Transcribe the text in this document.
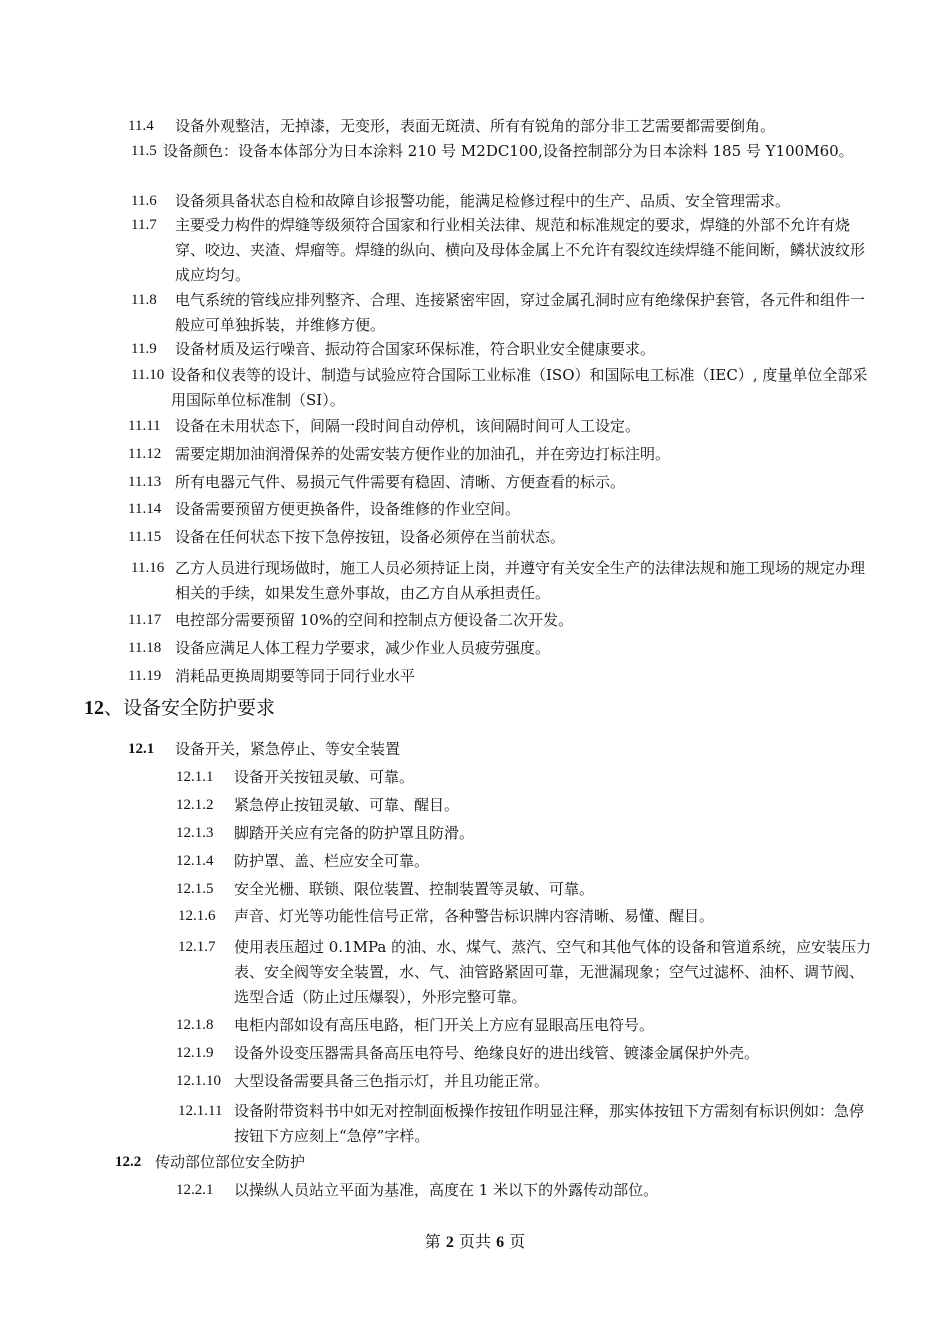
11.4 设备外观整洁，无掉漆，无变形，表面无斑渍、所有有锐角的部分非工艺需要都需要倒角。
11.5 设备颜色：设备本体部分为日本涂料 210 号 M2DC100,设备控制部分为日本涂料 185 号 Y100M60。
11.6 设备须具备状态自检和故障自诊报警功能，能满足检修过程中的生产、品质、安全管理需求。
11.7 主要受力构件的焊缝等级须符合国家和行业相关法律、规范和标准规定的要求，焊缝的外部不允许有烧穿、咬边、夹渣、焊瘤等。焊缝的纵向、横向及母体金属上不允许有裂纹连续焊缝不能间断，鳞状波纹形成应均匀。
11.8 电气系统的管线应排列整齐、合理、连接紧密牢固，穿过金属孔洞时应有绝缘保护套管，各元件和组件一般应可单独拆装，并维修方便。
11.9 设备材质及运行噪音、振动符合国家环保标准，符合职业安全健康要求。
11.10 设备和仪表等的设计、制造与试验应符合国际工业标准（ISO）和国际电工标准（IEC）, 度量单位全部采用国际单位标准制（SI）。
11.11 设备在未用状态下，间隔一段时间自动停机，该间隔时间可人工设定。
11.12 需要定期加油润滑保养的处需安装方便作业的加油孔，并在旁边打标注明。
11.13 所有电器元气件、易损元气件需要有稳固、清晰、方便查看的标示。
11.14 设备需要预留方便更换备件，设备维修的作业空间。
11.15 设备在任何状态下按下急停按钮，设备必须停在当前状态。
11.16 乙方人员进行现场做时，施工人员必须持证上岗，并遵守有关安全生产的法律法规和施工现场的规定办理相关的手续，如果发生意外事故，由乙方自从承担责任。
11.17 电控部分需要预留 10%的空间和控制点方便设备二次开发。
11.18 设备应满足人体工程力学要求，减少作业人员疲劳强度。
11.19 消耗品更换周期要等同于同行业水平
12、设备安全防护要求
12.1 设备开关，紧急停止、等安全装置
12.1.1 设备开关按钮灵敏、可靠。
12.1.2 紧急停止按钮灵敏、可靠、醒目。
12.1.3 脚踏开关应有完备的防护罩且防滑。
12.1.4 防护罩、盖、栏应安全可靠。
12.1.5 安全光栅、联锁、限位装置、控制装置等灵敏、可靠。
12.1.6 声音、灯光等功能性信号正常，各种警告标识牌内容清晰、易懂、醒目。
12.1.7 使用表压超过 0.1MPa 的油、水、煤气、蒸汽、空气和其他气体的设备和管道系统，应安装压力表、安全阀等安全装置，水、气、油管路紧固可靠，无泄漏现象；空气过滤杯、油杯、调节阀、选型合适（防止过压爆裂），外形完整可靠。
12.1.8 电柜内部如设有高压电路，柜门开关上方应有显眼高压电符号。
12.1.9 设备外设变压器需具备高压电符号、绝缘良好的进出线管、镀漆金属保护外壳。
12.1.10 大型设备需要具备三色指示灯，并且功能正常。
12.1.11 设备附带资料书中如无对控制面板操作按钮作明显注释，那实体按钮下方需刻有标识例如：急停按钮下方应刻上“急停”字样。
12.2 传动部位部位安全防护
12.2.1 以操纵人员站立平面为基准，高度在 1 米以下的外露传动部位。
第 2 页共 6 页
